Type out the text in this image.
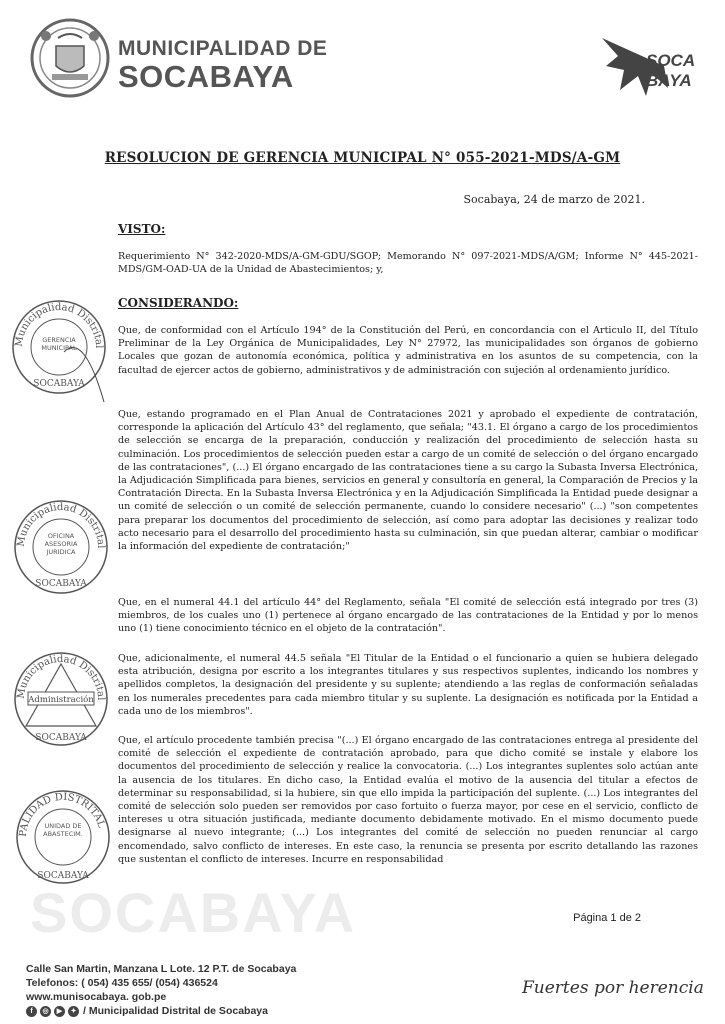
MUNICIPALIDAD DE
SOCABAYA	SOCA
BAYA
RESOLUCION DE GERENCIA MUNICIPAL N° 055-2021-MDS/A-GM
Socabaya, 24 de marzo de 2021.
VISTO:
Requerimiento N° 342-2020-MDS/A-GM-GDU/SGOP; Memorando N° 097-2021-MDS/A/GM; Informe N° 445-2021-MDS/GM-OAD-UA de la Unidad de Abastecimientos; y,
CONSIDERANDO:
Que, de conformidad con el Artículo 194° de la Constitución del Perú, en concordancia con el Articulo II, del Título Preliminar de la Ley Orgánica de Municipalidades, Ley N° 27972, las municipalidades son órganos de gobierno Locales que gozan de autonomía económica, política y administrativa en los asuntos de su competencia, con la facultad de ejercer actos de gobierno, administrativos y de administración con sujeción al ordenamiento jurídico.
Que, estando programado en el Plan Anual de Contrataciones 2021 y aprobado el expediente de contratación, corresponde la aplicación del Artículo 43° del reglamento, que señala; "43.1. El órgano a cargo de los procedimientos de selección se encarga de la preparación, conducción y realización del procedimiento de selección hasta su culminación. Los procedimientos de selección pueden estar a cargo de un comité de selección o del órgano encargado de las contrataciones", (...) El órgano encargado de las contrataciones tiene a su cargo la Subasta Inversa Electrónica, la Adjudicación Simplificada para bienes, servicios en general y consultoría en general, la Comparación de Precios y la Contratación Directa. En la Subasta Inversa Electrónica y en la Adjudicación Simplificada la Entidad puede designar a un comité de selección o un comité de selección permanente, cuando lo considere necesario" (...) "son competentes para preparar los documentos del procedimiento de selección, así como para adoptar las decisiones y realizar todo acto necesario para el desarrollo del procedimiento hasta su culminación, sin que puedan alterar, cambiar o modificar la información del expediente de contratación;"
Que, en el numeral 44.1 del artículo 44° del Reglamento, señala "El comité de selección está integrado por tres (3) miembros, de los cuales uno (1) pertenece al órgano encargado de las contrataciones de la Entidad y por lo menos uno (1) tiene conocimiento técnico en el objeto de la contratación".
Que, adicionalmente, el numeral 44.5 señala "El Titular de la Entidad o el funcionario a quien se hubiera delegado esta atribución, designa por escrito a los integrantes titulares y sus respectivos suplentes, indicando los nombres y apellidos completos, la designación del presidente y su suplente; atendiendo a las reglas de conformación señaladas en los numerales precedentes para cada miembro titular y su suplente. La designación es notificada por la Entidad a cada uno de los miembros".
Que, el artículo procedente también precisa "(...) El órgano encargado de las contrataciones entrega al presidente del comité de selección el expediente de contratación aprobado, para que dicho comité se instale y elabore los documentos del procedimiento de selección y realice la convocatoria. (...) Los integrantes suplentes solo actúan ante la ausencia de los titulares. En dicho caso, la Entidad evalúa el motivo de la ausencia del titular a efectos de determinar su responsabilidad, si la hubiere, sin que ello impida la participación del suplente. (...) Los integrantes del comité de selección solo pueden ser removidos por caso fortuito o fuerza mayor, por cese en el servicio, conflicto de intereses u otra situación justificada, mediante documento debidamente motivado. En el mismo documento puede designarse al nuevo integrante; (...) Los integrantes del comité de selección no pueden renunciar al cargo encomendado, salvo conflicto de intereses. En este caso, la renuncia se presenta por escrito detallando las razones que sustentan el conflicto de intereses. Incurre en responsabilidad
Municipalidad Distrital
GERENCIA MUNICIPAL
SOCABAYA
Municipalidad Distrital
OFICINA ASESORIA JURIDICA
SOCABAYA
Municipalidad Distrital
Administración
SOCABAYA
PALIDAD DISTRITAL
UNIDAD DE ABASTECIM.
SOCABAYA
SOCABAYA	Página 1 de 2
Calle San Martin, Manzana L Lote. 12 P.T. de Socabaya
Telefonos: ( 054) 435 655/ (054) 436524
www.munisocabaya. gob.pe
f	◎	▶	✦ / Municipalidad Distrital de Socabaya
Fuertes por herencia
